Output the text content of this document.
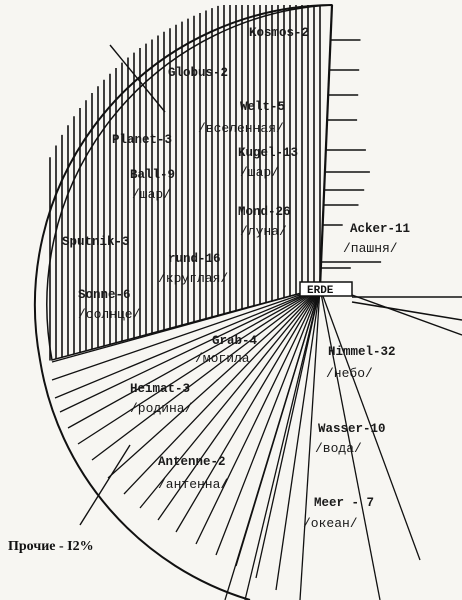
ERDE
Kosmos-2
Globus-2
Welt-5
/вселенная/
Planet-3
Kugel-13
/шар/
Ball-9
/шар/
Mond-26
/луна/
Sputnik-3
rund-16
/круглая/
Sonne-6
/солнце/
Acker-11
/пашня/
Himmel-32
/небо/
Grab-4
/могила
Heimat-3
/родина/
Wasser-10
/вода/
Antenne-2
/антенна/
Meer - 7
/океан/
Прочие - I2%
